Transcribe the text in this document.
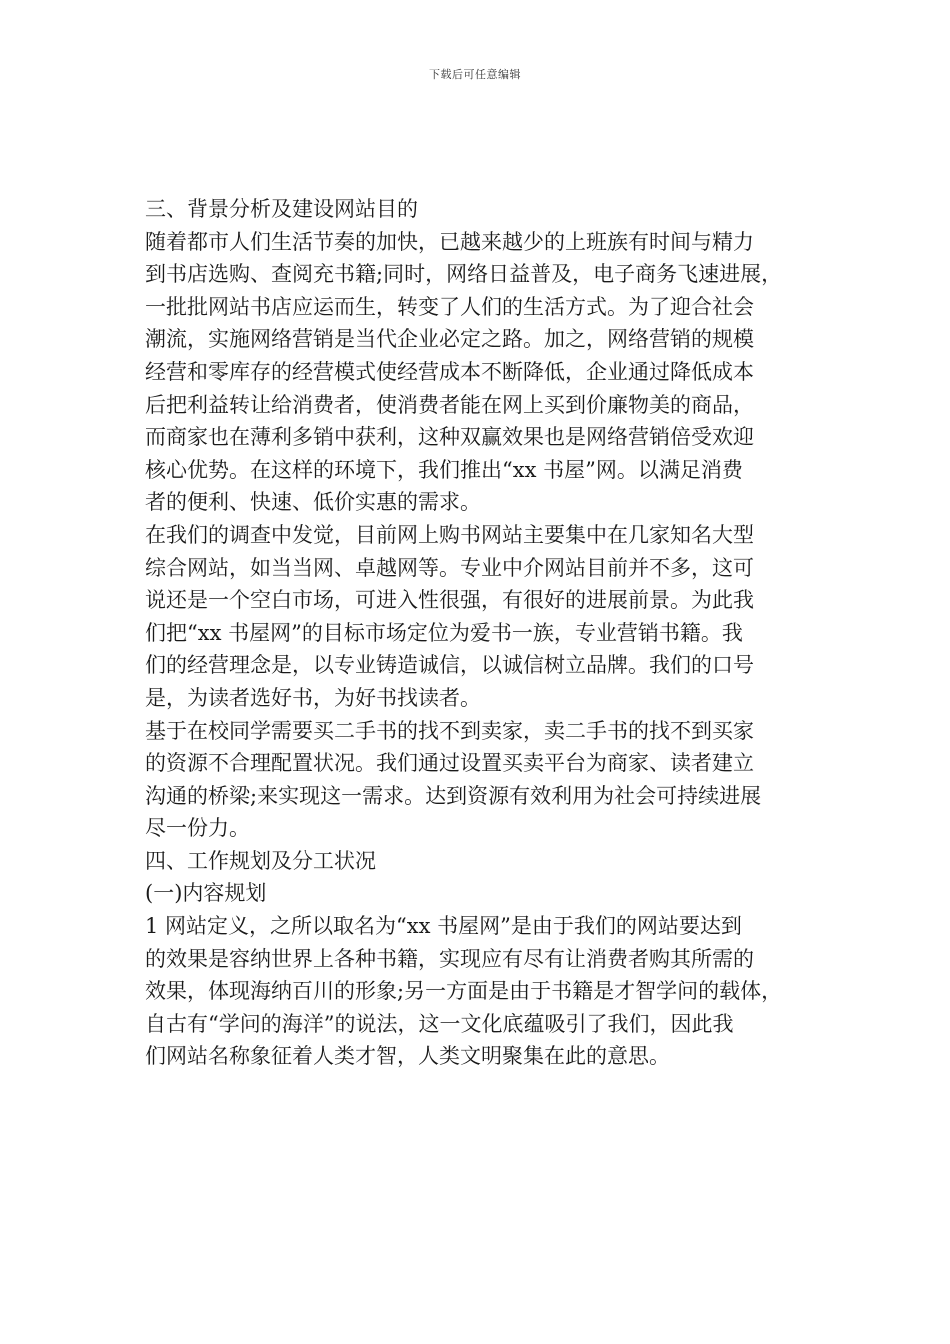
下载后可任意编辑
三、背景分析及建设网站目的
随着都市人们生活节奏的加快，已越来越少的上班族有时间与精力
到书店选购、查阅充书籍;同时，网络日益普及，电子商务飞速进展，
一批批网站书店应运而生，转变了人们的生活方式。为了迎合社会
潮流，实施网络营销是当代企业必定之路。加之，网络营销的规模
经营和零库存的经营模式使经营成本不断降低，企业通过降低成本
后把利益转让给消费者，使消费者能在网上买到价廉物美的商品，
而商家也在薄利多销中获利，这种双赢效果也是网络营销倍受欢迎
核心优势。在这样的环境下，我们推出“xx 书屋”网。以满足消费
者的便利、快速、低价实惠的需求。
在我们的调查中发觉，目前网上购书网站主要集中在几家知名大型
综合网站，如当当网、卓越网等。专业中介网站目前并不多，这可
说还是一个空白市场，可进入性很强，有很好的进展前景。为此我
们把“xx 书屋网”的目标市场定位为爱书一族，专业营销书籍。我
们的经营理念是，以专业铸造诚信，以诚信树立品牌。我们的口号
是，为读者选好书，为好书找读者。
基于在校同学需要买二手书的找不到卖家，卖二手书的找不到买家
的资源不合理配置状况。我们通过设置买卖平台为商家、读者建立
沟通的桥梁;来实现这一需求。达到资源有效利用为社会可持续进展
尽一份力。
四、工作规划及分工状况
(一)内容规划
1 网站定义，之所以取名为“xx 书屋网”是由于我们的网站要达到
的效果是容纳世界上各种书籍，实现应有尽有让消费者购其所需的
效果，体现海纳百川的形象;另一方面是由于书籍是才智学问的载体，
自古有“学问的海洋”的说法，这一文化底蕴吸引了我们，因此我
们网站名称象征着人类才智，人类文明聚集在此的意思。
